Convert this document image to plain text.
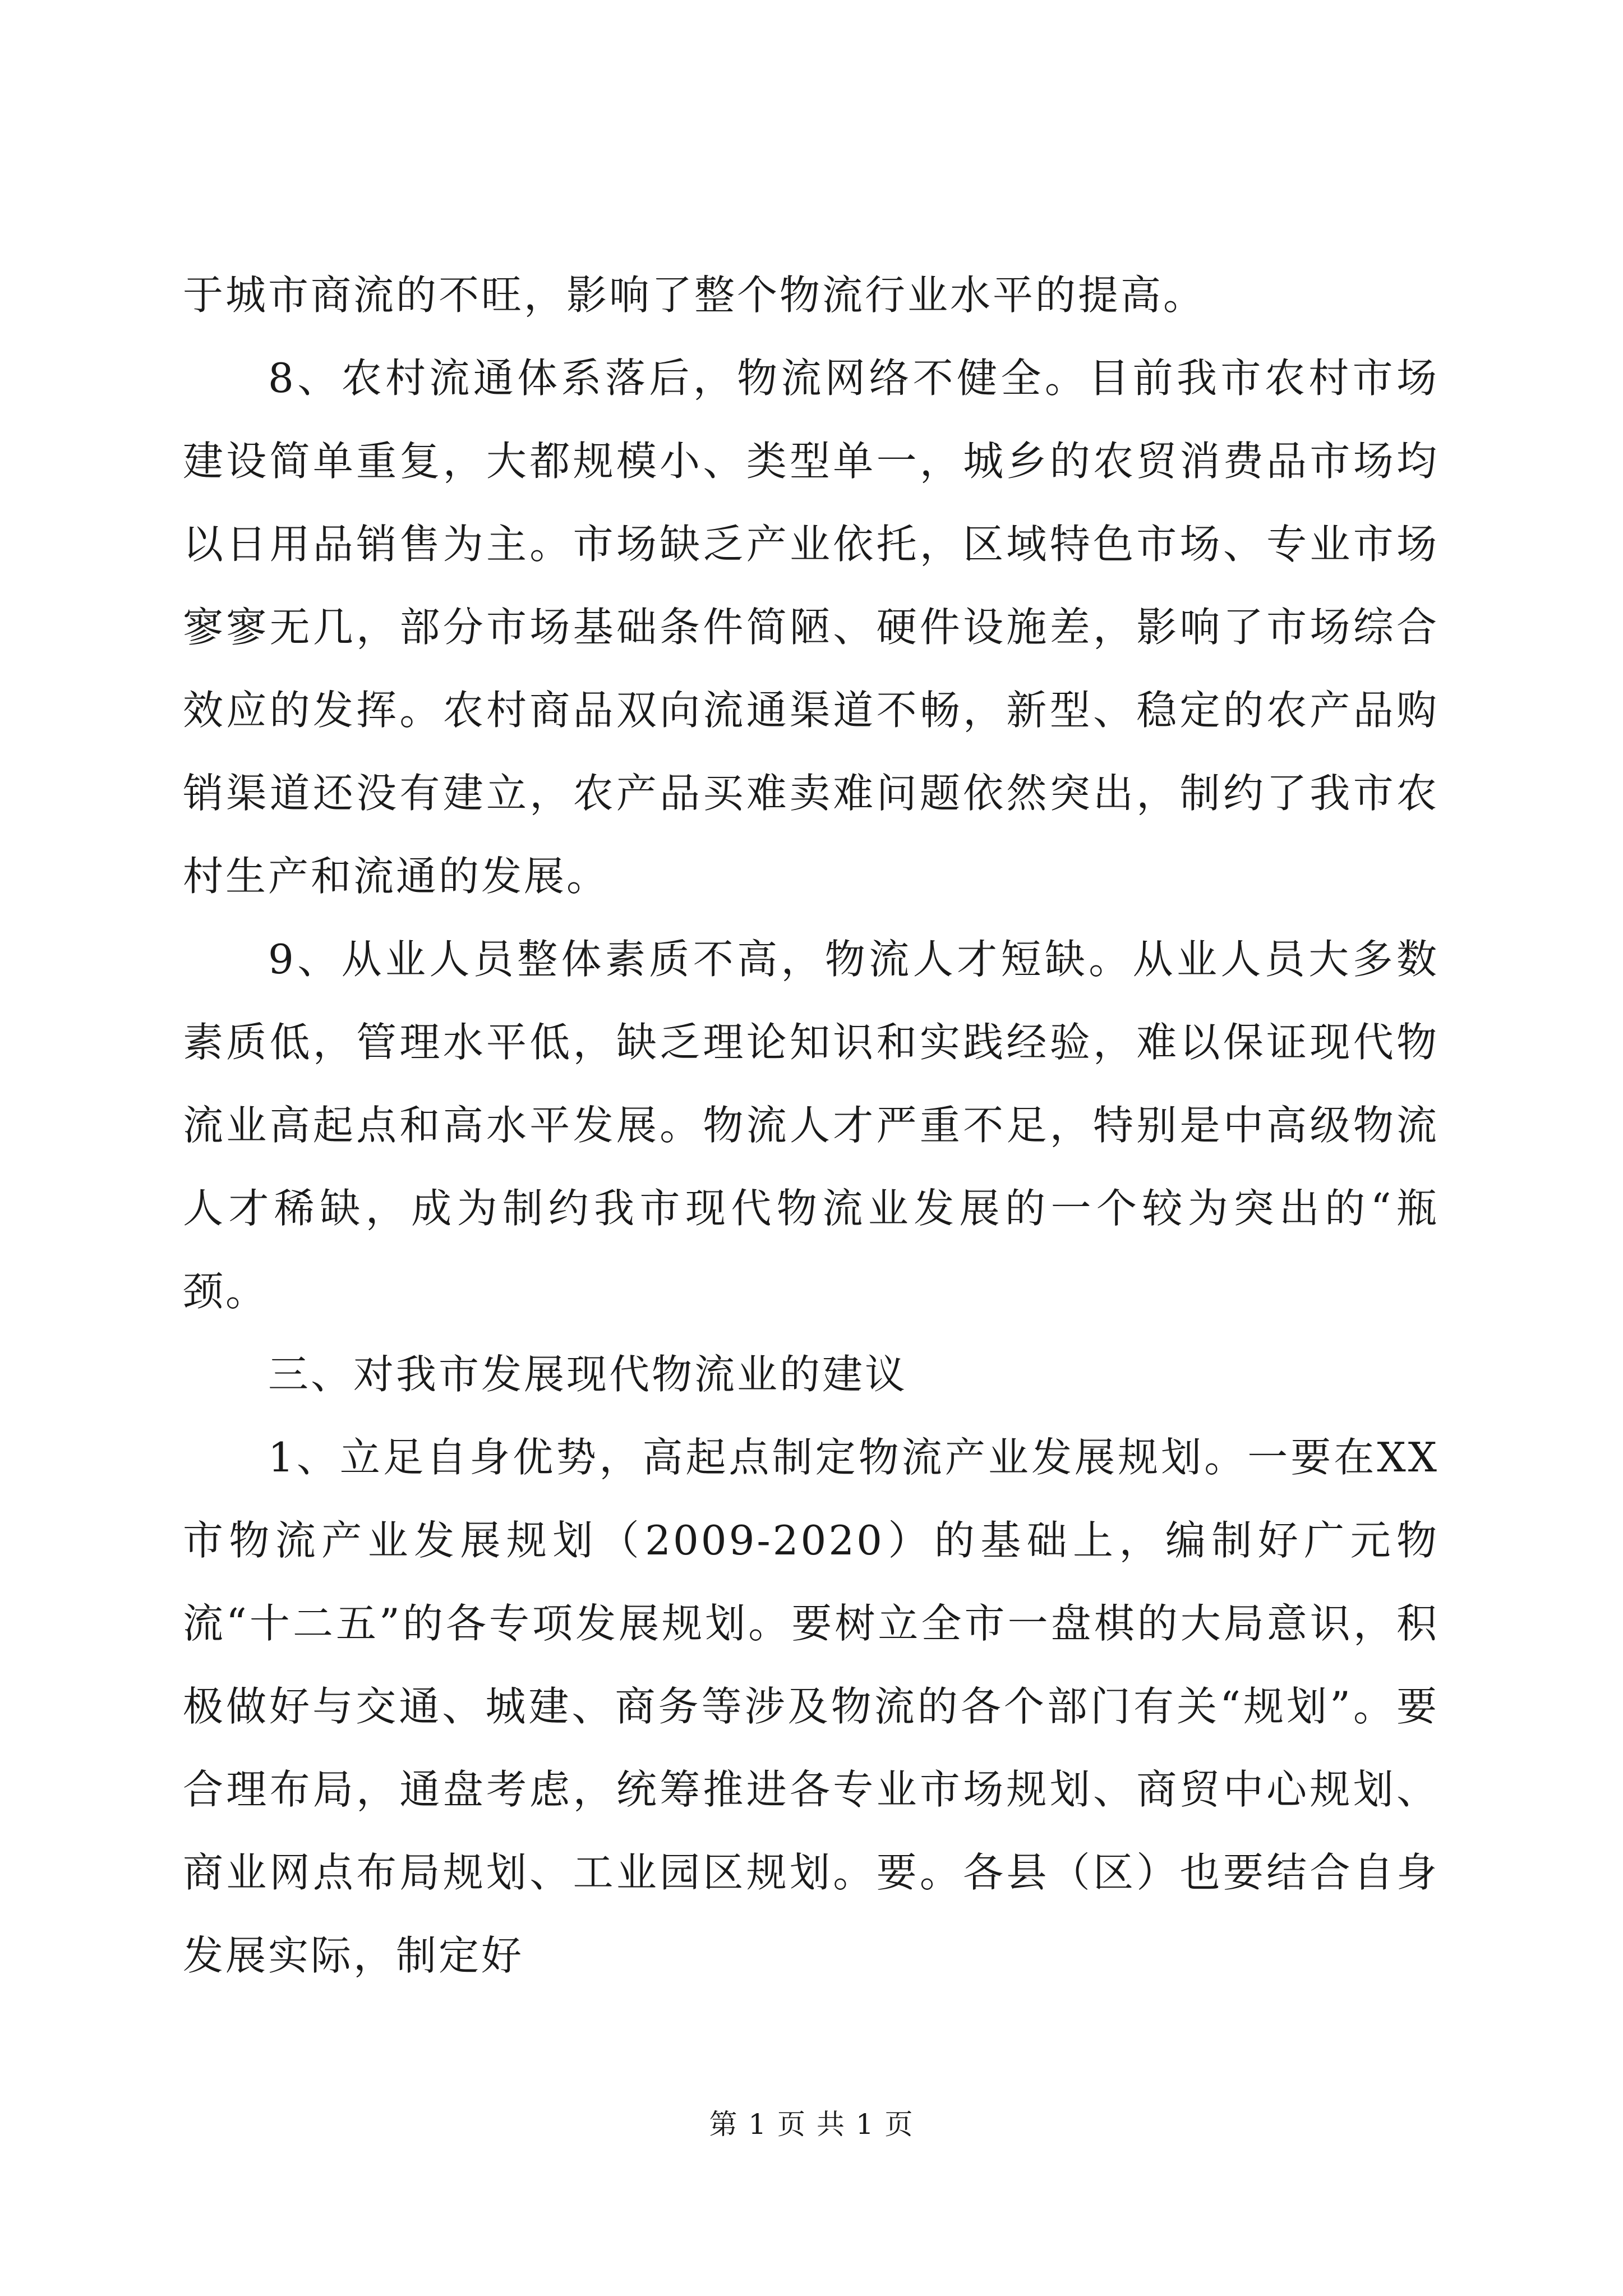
于城市商流的不旺，影响了整个物流行业水平的提高。

8、农村流通体系落后，物流网络不健全。目前我市农村市场建设简单重复，大都规模小、类型单一，城乡的农贸消费品市场均以日用品销售为主。市场缺乏产业依托，区域特色市场、专业市场寥寥无几，部分市场基础条件简陋、硬件设施差，影响了市场综合效应的发挥。农村商品双向流通渠道不畅，新型、稳定的农产品购销渠道还没有建立，农产品买难卖难问题依然突出，制约了我市农村生产和流通的发展。

9、从业人员整体素质不高，物流人才短缺。从业人员大多数素质低，管理水平低，缺乏理论知识和实践经验，难以保证现代物流业高起点和高水平发展。物流人才严重不足，特别是中高级物流人才稀缺，成为制约我市现代物流业发展的一个较为突出的“瓶颈。

三、对我市发展现代物流业的建议

1、立足自身优势，高起点制定物流产业发展规划。一要在XX市物流产业发展规划（2009-2020）的基础上，编制好广元物流“十二五”的各专项发展规划。要树立全市一盘棋的大局意识，积极做好与交通、城建、商务等涉及物流的各个部门有关“规划”。要合理布局，通盘考虑，统筹推进各专业市场规划、商贸中心规划、商业网点布局规划、工业园区规划。要。各县（区）也要结合自身发展实际，制定好

第 1 页 共 1 页
